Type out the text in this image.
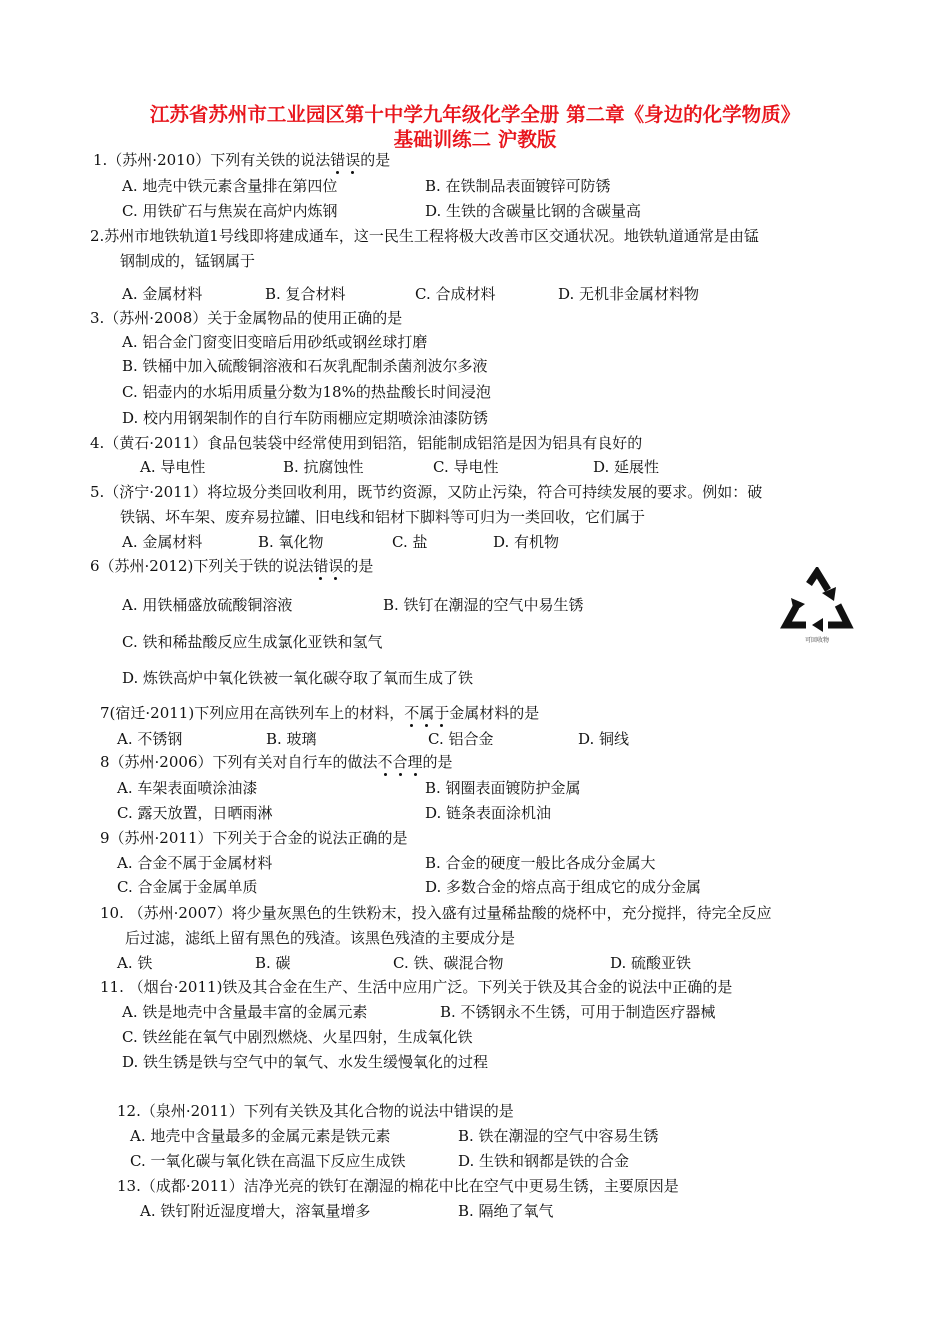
江苏省苏州市工业园区第十中学九年级化学全册 第二章《身边的化学物质》
基础训练二 沪教版
1.（苏州·2010）下列有关铁的说法错误的是
A. 地壳中铁元素含量排在第四位	B. 在铁制品表面镀锌可防锈
C. 用铁矿石与焦炭在高炉内炼钢	D. 生铁的含碳量比钢的含碳量高
2.苏州市地铁轨道1号线即将建成通车，这一民生工程将极大改善市区交通状况。地铁轨道通常是由锰
钢制成的，锰钢属于
A. 金属材料	B. 复合材料	C. 合成材料	D. 无机非金属材料物
3.（苏州·2008）关于金属物品的使用正确的是
A. 铝合金门窗变旧变暗后用砂纸或钢丝球打磨
B. 铁桶中加入硫酸铜溶液和石灰乳配制杀菌剂波尔多液
C. 铝壶内的水垢用质量分数为18%的热盐酸长时间浸泡
D. 校内用钢架制作的自行车防雨棚应定期喷涂油漆防锈
4.（黄石·2011）食品包装袋中经常使用到铝箔，铝能制成铝箔是因为铝具有良好的
A. 导电性	B. 抗腐蚀性	C. 导电性	D. 延展性
5.（济宁·2011）将垃圾分类回收利用，既节约资源，又防止污染，符合可持续发展的要求。例如：破
铁锅、坏车架、废弃易拉罐、旧电线和铝材下脚料等可归为一类回收，它们属于
A. 金属材料	B. 氧化物	C. 盐	D. 有机物
6（苏州·2012)下列关于铁的说法错误的是
A. 用铁桶盛放硫酸铜溶液	B. 铁钉在潮湿的空气中易生锈
C. 铁和稀盐酸反应生成氯化亚铁和氢气
D. 炼铁高炉中氧化铁被一氧化碳夺取了氧而生成了铁
可回收物
7(宿迁·2011)下列应用在高铁列车上的材料，不属于金属材料的是
A. 不锈钢	B. 玻璃	C. 铝合金	D. 铜线
8（苏州·2006）下列有关对自行车的做法不合理的是
A. 车架表面喷涂油漆	B. 钢圈表面镀防护金属
C. 露天放置，日晒雨淋	D. 链条表面涂机油
9（苏州·2011）下列关于合金的说法正确的是
A. 合金不属于金属材料	B. 合金的硬度一般比各成分金属大
C. 合金属于金属单质	D. 多数合金的熔点高于组成它的成分金属
10. （苏州·2007）将少量灰黑色的生铁粉末，投入盛有过量稀盐酸的烧杯中，充分搅拌，待完全反应
后过滤，滤纸上留有黑色的残渣。该黑色残渣的主要成分是
A. 铁	B. 碳	C. 铁、碳混合物	D. 硫酸亚铁
11. （烟台·2011)铁及其合金在生产、生活中应用广泛。下列关于铁及其合金的说法中正确的是
A. 铁是地壳中含量最丰富的金属元素	B. 不锈钢永不生锈，可用于制造医疗器械
C. 铁丝能在氧气中剧烈燃烧、火星四射，生成氧化铁
D. 铁生锈是铁与空气中的氧气、水发生缓慢氧化的过程
12.（泉州·2011）下列有关铁及其化合物的说法中错误的是
A. 地壳中含量最多的金属元素是铁元素	B. 铁在潮湿的空气中容易生锈
C. 一氧化碳与氧化铁在高温下反应生成铁	D. 生铁和钢都是铁的合金
13.（成都·2011）洁净光亮的铁钉在潮湿的棉花中比在空气中更易生锈，主要原因是
A. 铁钉附近湿度增大，溶氧量增多	B. 隔绝了氧气
